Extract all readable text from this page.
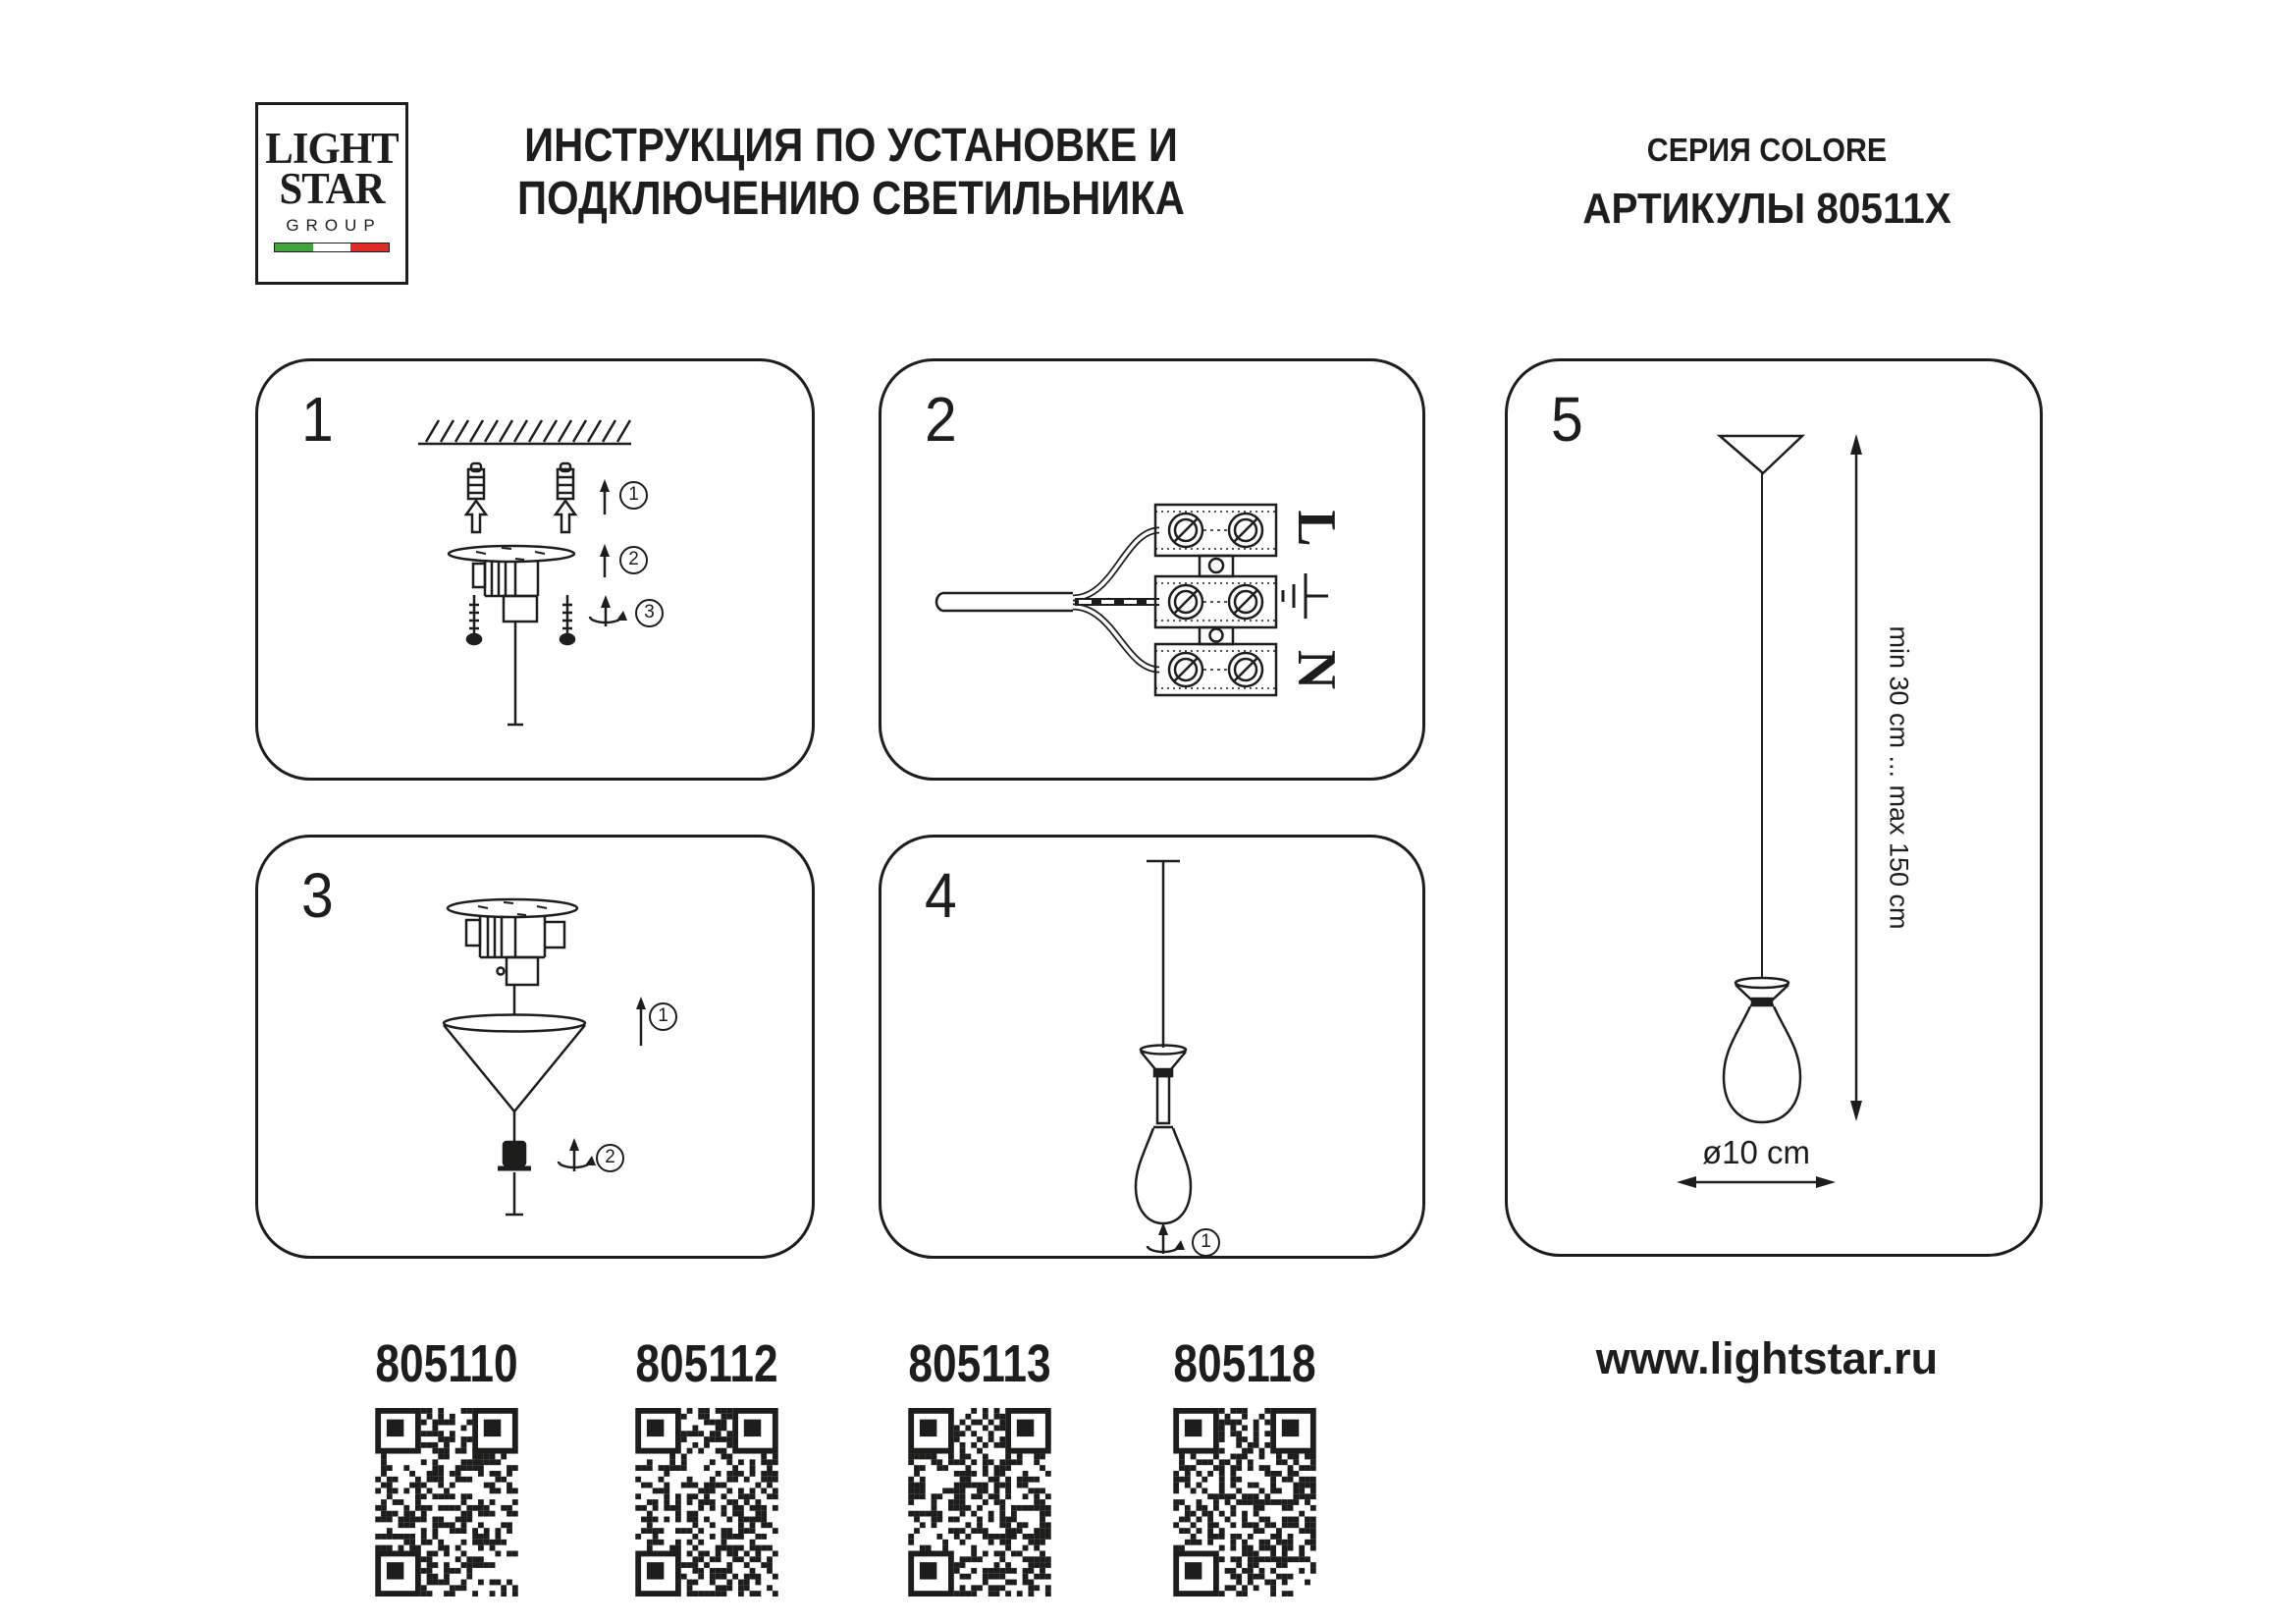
LIGHT
STAR
GROUP
ИНСТРУКЦИЯ ПО УСТАНОВКЕ И
ПОДКЛЮЧЕНИЮ СВЕТИЛЬНИКА
СЕРИЯ COLORE
АРТИКУЛЫ 80511X
1
1
2
3
2
L
N
3
1
2
4
1
5
min 30 cm ... max 150 cm
ø10 cm
805110 805112 805113 805118	www.lightstar.ru
